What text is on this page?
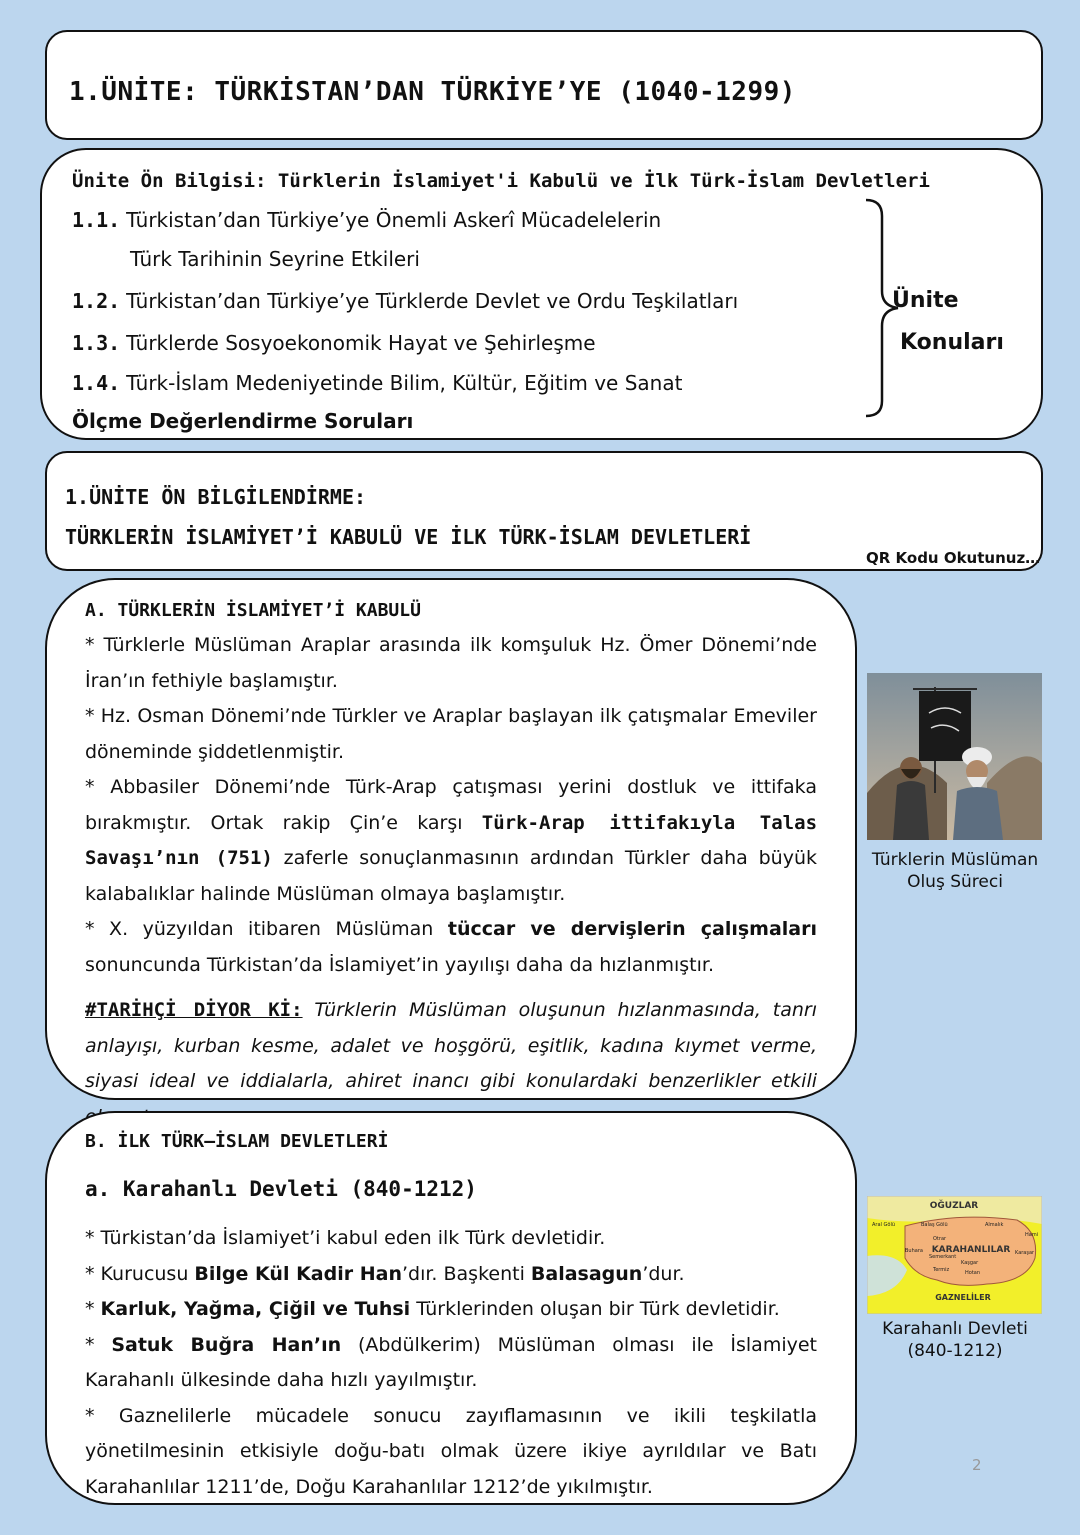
1.ÜNİTE: TÜRKİSTAN’DAN TÜRKİYE’YE (1040-1299)
Ünite Ön Bilgisi: Türklerin İslamiyet'i Kabulü ve İlk Türk-İslam Devletleri
1.1. Türkistan’dan Türkiye’ye Önemli Askerî Mücadelelerin
Türk Tarihinin Seyrine Etkileri
1.2. Türkistan’dan Türkiye’ye Türklerde Devlet ve Ordu Teşkilatları
1.3. Türklerde Sosyoekonomik Hayat ve Şehirleşme
1.4. Türk-İslam Medeniyetinde Bilim, Kültür, Eğitim ve Sanat
Ölçme Değerlendirme Soruları
Ünite
Konuları
1.ÜNİTE ÖN BİLGİLENDİRME:
TÜRKLERİN İSLAMİYET’İ KABULÜ VE İLK TÜRK-İSLAM DEVLETLERİ
QR Kodu Okutunuz…
A. TÜRKLERİN İSLAMİYET’İ KABULÜ
* Türklerle Müslüman Araplar arasında ilk komşuluk Hz. Ömer Dönemi’nde İran’ın fethiyle başlamıştır.
* Hz. Osman Dönemi’nde Türkler ve Araplar başlayan ilk çatışmalar Emeviler döneminde şiddetlenmiştir.
* Abbasiler Dönemi’nde Türk-Arap çatışması yerini dostluk ve ittifaka bırakmıştır. Ortak rakip Çin’e karşı Türk-Arap ittifakıyla Talas Savaşı’nın (751) zaferle sonuçlanmasının ardından Türkler daha büyük kalabalıklar halinde Müslüman olmaya başlamıştır.
* X. yüzyıldan itibaren Müslüman tüccar ve dervişlerin çalışmaları sonuncunda Türkistan’da İslamiyet’in yayılışı daha da hızlanmıştır.
#TARİHÇİ DİYOR Kİ: Türklerin Müslüman oluşunun hızlanmasında, tanrı anlayışı, kurban kesme, adalet ve hoşgörü, eşitlik, kadına kıymet verme, siyasi ideal ve iddialarla, ahiret inancı gibi konulardaki benzerlikler etkili
Türklerin Müslüman Oluş Süreci
B. İLK TÜRK–İSLAM DEVLETLERİ
a. Karahanlı Devleti (840-1212)
* Türkistan’da İslamiyet’i kabul eden ilk Türk devletidir.
* Kurucusu Bilge Kül Kadir Han’dır. Başkenti Balasagun’dur.
* Karluk, Yağma, Çiğil ve Tuhsi Türklerinden oluşan bir Türk devletidir.
* Satuk Buğra Han’ın (Abdülkerim) Müslüman olması ile İslamiyet Karahanlı ülkesinde daha hızlı yayılmıştır.
* Gaznelilerle mücadele sonucu zayıflamasının ve ikili teşkilatla yönetilmesinin etkisiyle doğu-batı olmak üzere ikiye ayrıldılar ve Batı Karahanlılar 1211’de, Doğu Karahanlılar 1212’de yıkılmıştır.
OĞUZLAR
KARAHANLILAR
GAZNELİLER
Aral Gölü	Balaş Gölü	Almalık
Hami
Otrar
Buhara
Semerkant
Kaşgar
Karaşar
Termiz	Hotan
Karahanlı Devleti
(840-1212)
2
